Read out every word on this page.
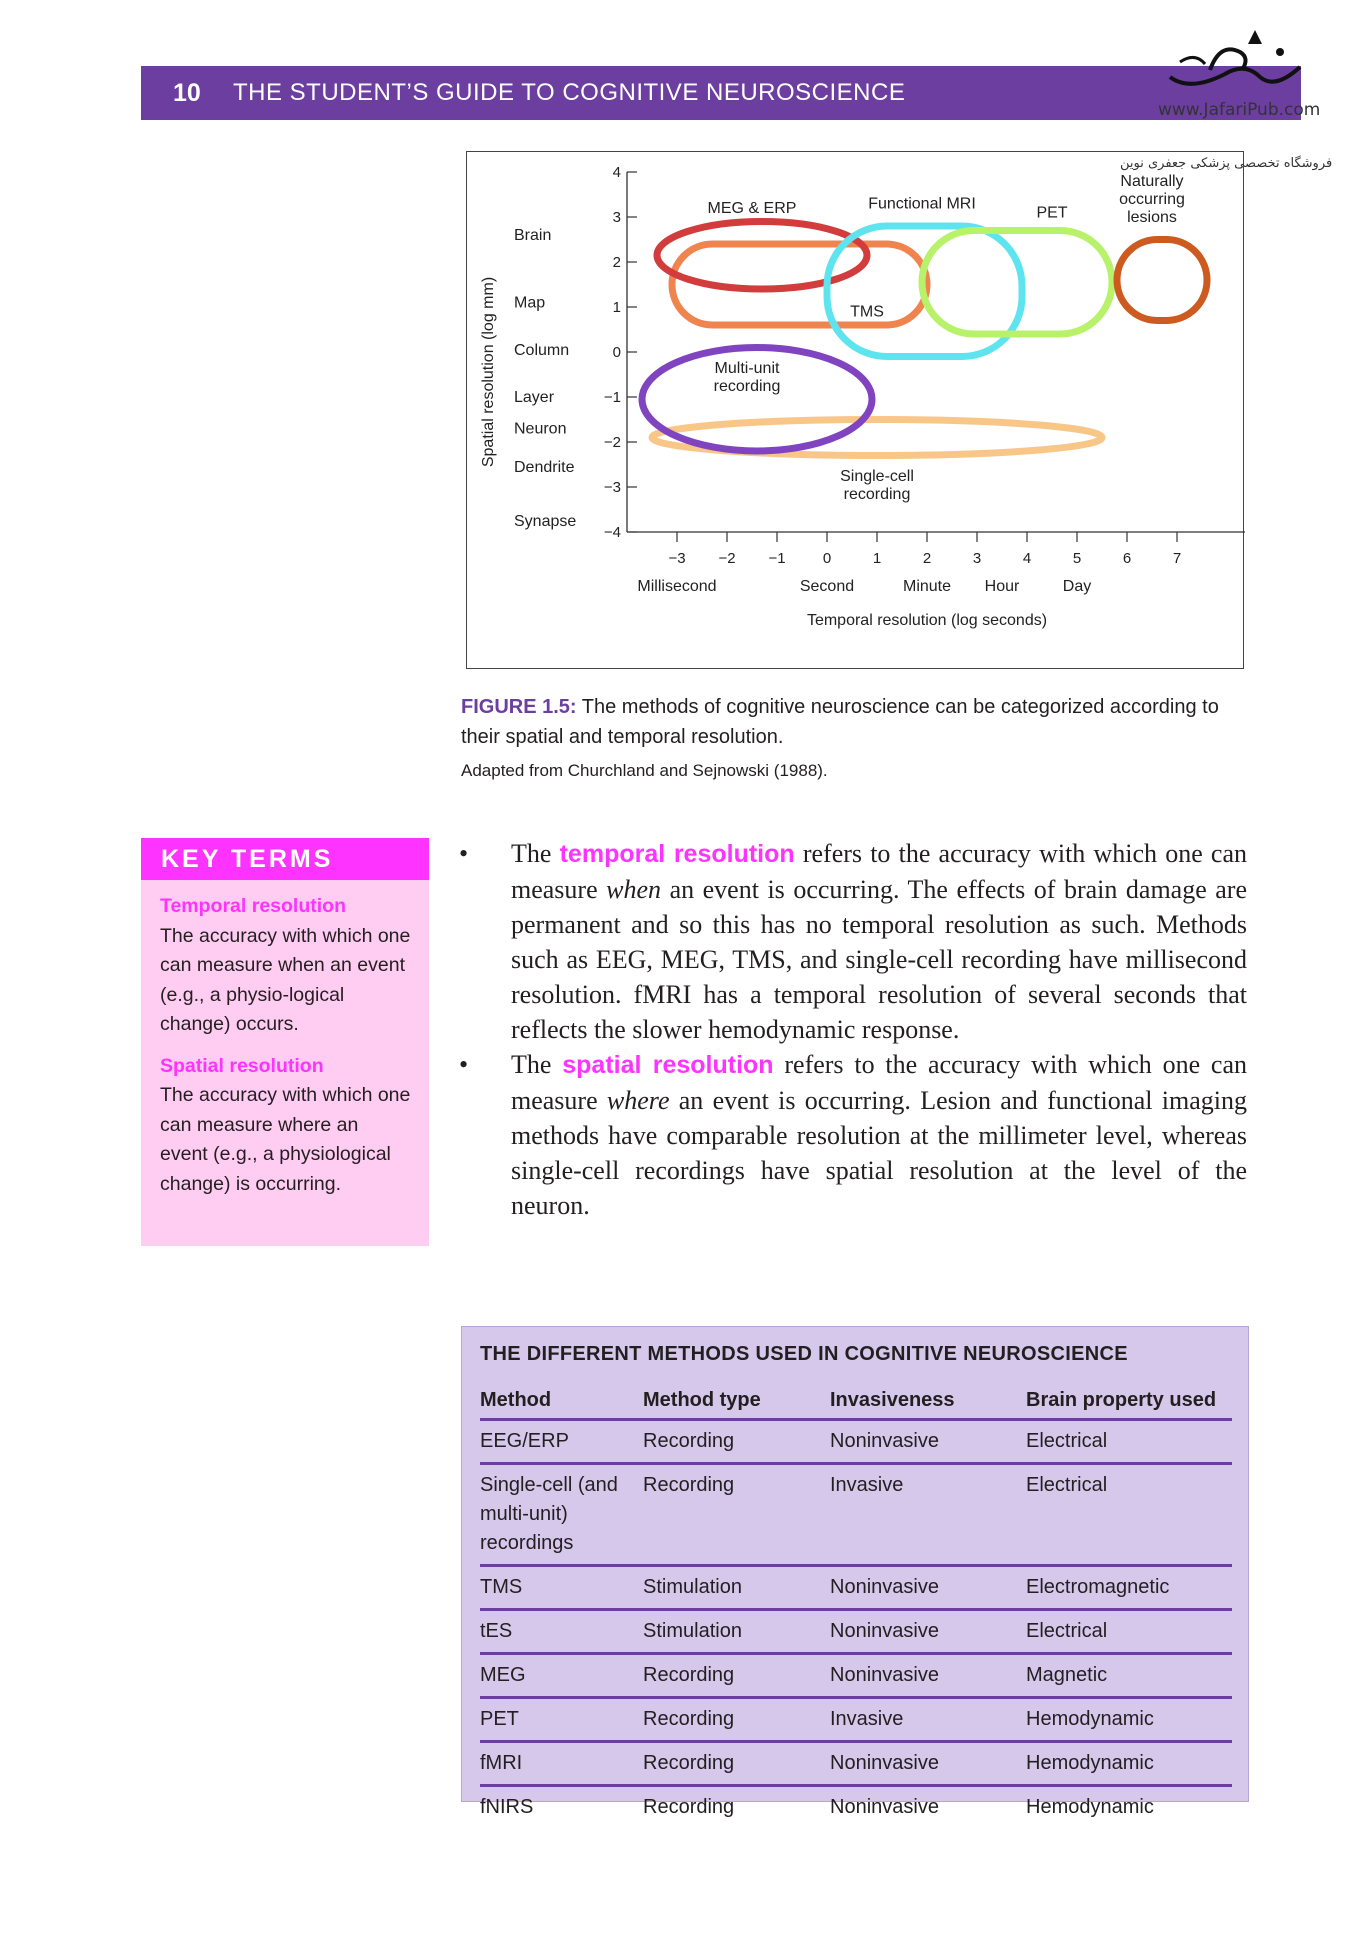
10	THE STUDENT’S GUIDE TO COGNITIVE NEUROSCIENCE
www.JafariPub.com
فروشگاه تخصصی پزشکی جعفری نوین
4
3
2
1
0
−1
−2
−3
−4
−3 −2 −1 0	1	2	3	4	5	6	7
Millisecond	Second	Minute Hour	Day
Brain
Map
Column
Layer
Neuron
Dendrite
Synapse
Temporal resolution (log seconds)
Spatial resolution (log mm)
MEG & ERP	Functional MRI
PET
Naturally
occurring
lesions
TMS
Multi-unit
recording
Single-cell
recording
FIGURE 1.5: The methods of cognitive neuroscience can be categorized according to their spatial and temporal resolution.
Adapted from Churchland and Sejnowski (1988).
KEY TERMS
Temporal resolution
The accuracy with which one can measure when an event (e.g., a physio-logical change) occurs.
Spatial resolution
The accuracy with which one can measure where an event (e.g., a physiological change) is occurring.
• The temporal resolution refers to the accuracy with which one can measure when an event is occurring. The effects of brain damage are permanent and so this has no temporal resolution as such. Methods such as EEG, MEG, TMS, and single-cell recording have millisecond resolution. fMRI has a temporal resolution of several seconds that reflects the slower hemodynamic response.
• The spatial resolution refers to the accuracy with which one can measure where an event is occurring. Lesion and functional imaging methods have comparable resolution at the millimeter level, whereas single-cell recordings have spatial resolution at the level of the neuron.
THE DIFFERENT METHODS USED IN COGNITIVE NEUROSCIENCE
Method	Method type	Invasiveness	Brain property used
EEG/ERP	Recording	Noninvasive	Electrical
Single-cell (and multi-unit) recordings	Recording	Invasive	Electrical
TMS	Stimulation	Noninvasive	Electromagnetic
tES	Stimulation	Noninvasive	Electrical
MEG	Recording	Noninvasive	Magnetic
PET	Recording	Invasive	Hemodynamic
fMRI	Recording	Noninvasive	Hemodynamic
fNIRS	Recording	Noninvasive	Hemodynamic
